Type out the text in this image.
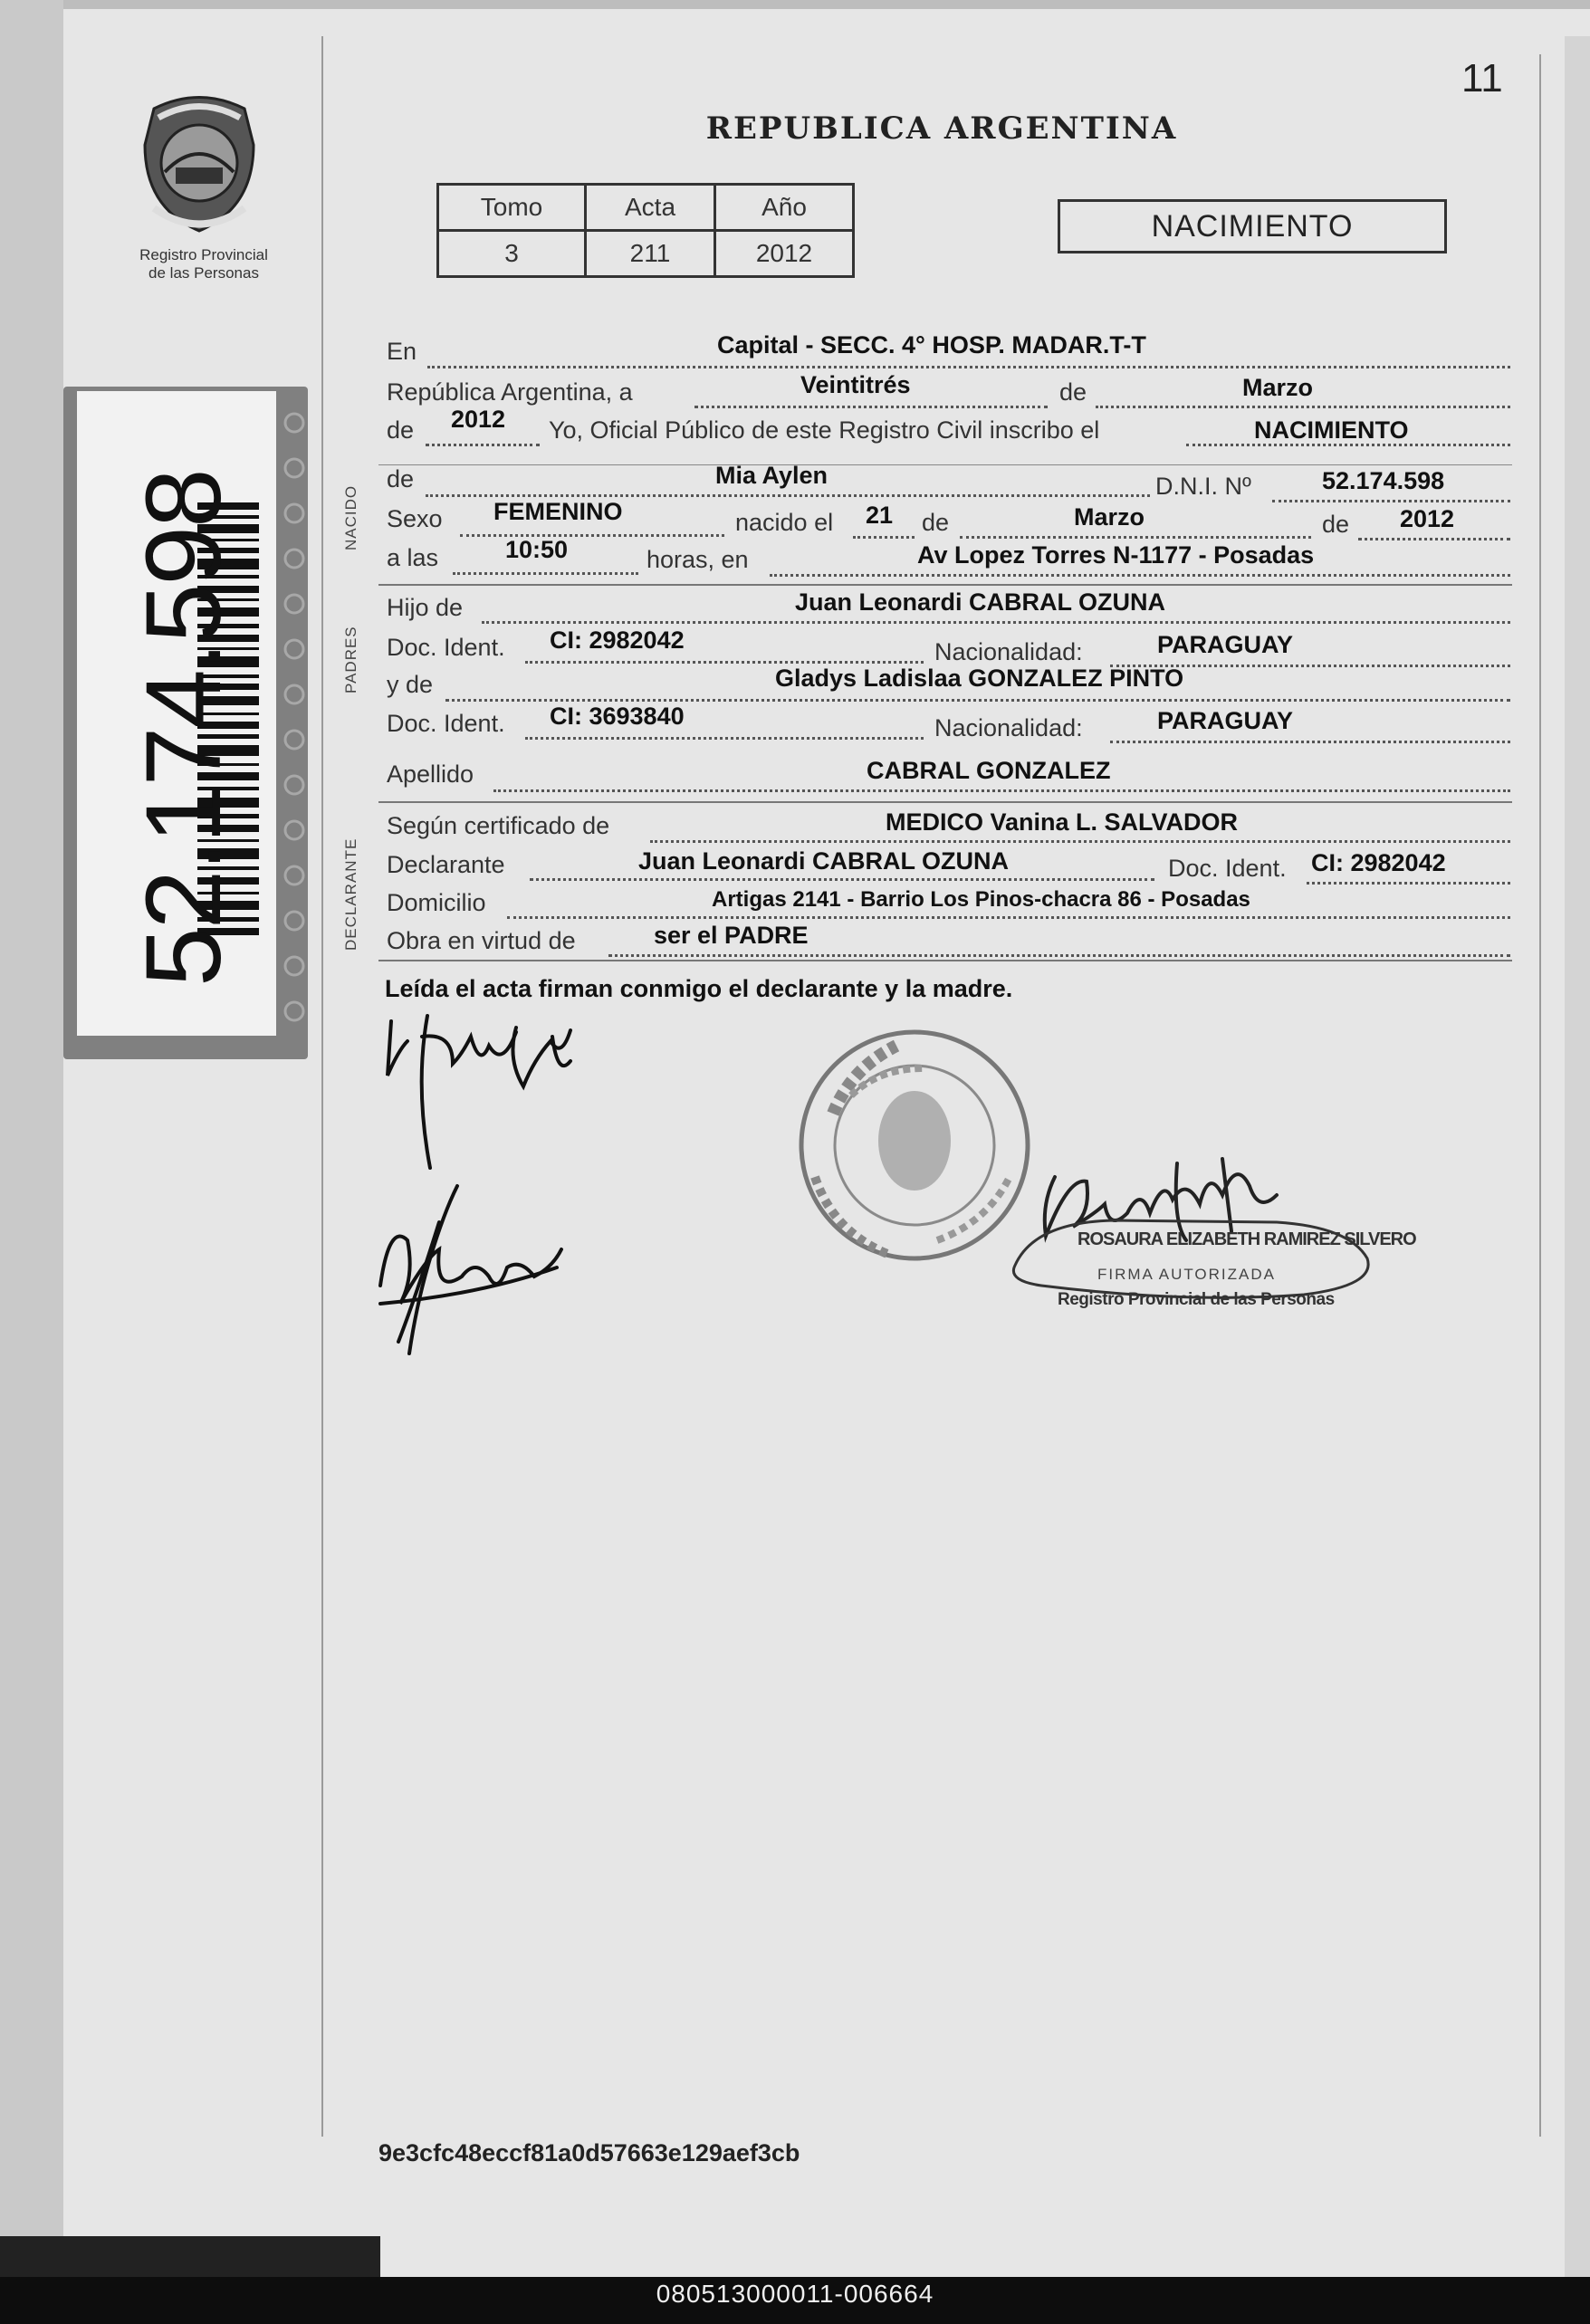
11
REPUBLICA ARGENTINA
Registro Provincial
de las Personas
52.174.598
Tomo	Acta	Año
3	211	2012
NACIMIENTO
NACIDO
PADRES
DECLARANTE
En	Capital - SECC. 4° HOSP. MADAR.T-T
República Argentina, a	Veintitrés	de	Marzo
de 2012 Yo, Oficial Público de este Registro Civil inscribo el	NACIMIENTO
de	Mia Aylen	D.N.I. Nº	52.174.598
Sexo FEMENINO	nacido el 21 de	Marzo	de 2012
a las	10:50	horas, en	Av Lopez Torres N-1177 - Posadas
Hijo de	Juan Leonardi CABRAL OZUNA
Doc. Ident. CI: 2982042	Nacionalidad:	PARAGUAY
y de	Gladys Ladislaa GONZALEZ PINTO
Doc. Ident. CI: 3693840	Nacionalidad:	PARAGUAY
Apellido	CABRAL GONZALEZ
Según certificado de	MEDICO Vanina L. SALVADOR
Declarante	Juan Leonardi CABRAL OZUNA	Doc. Ident. CI: 2982042
Domicilio	Artigas 2141 - Barrio Los Pinos-chacra 86 - Posadas
Obra en virtud de	ser el PADRE
Leída el acta firman conmigo el declarante y la madre.
ROSAURA ELIZABETH RAMIREZ SILVERO
FIRMA AUTORIZADA
Registro Provincial de las Personas
9e3cfc48eccf81a0d57663e129aef3cb
080513000011-006664
